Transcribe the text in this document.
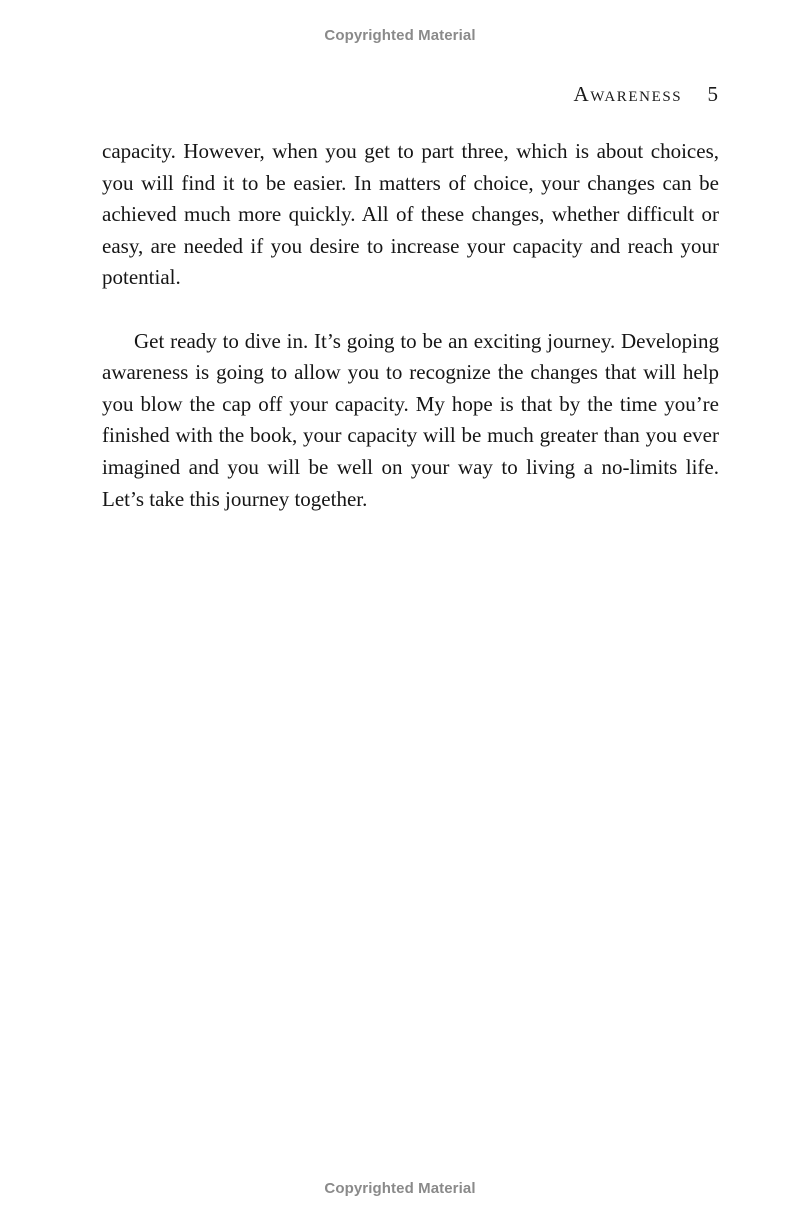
Copyrighted Material
Awareness 5

capacity. However, when you get to part three, which is about choices, you will find it to be easier. In matters of choice, your changes can be achieved much more quickly. All of these changes, whether difficult or easy, are needed if you desire to increase your capacity and reach your potential.

Get ready to dive in. It’s going to be an exciting journey. Developing awareness is going to allow you to recognize the changes that will help you blow the cap off your capacity. My hope is that by the time you’re finished with the book, your capacity will be much greater than you ever imagined and you will be well on your way to living a no-limits life. Let’s take this journey together.

Copyrighted Material
